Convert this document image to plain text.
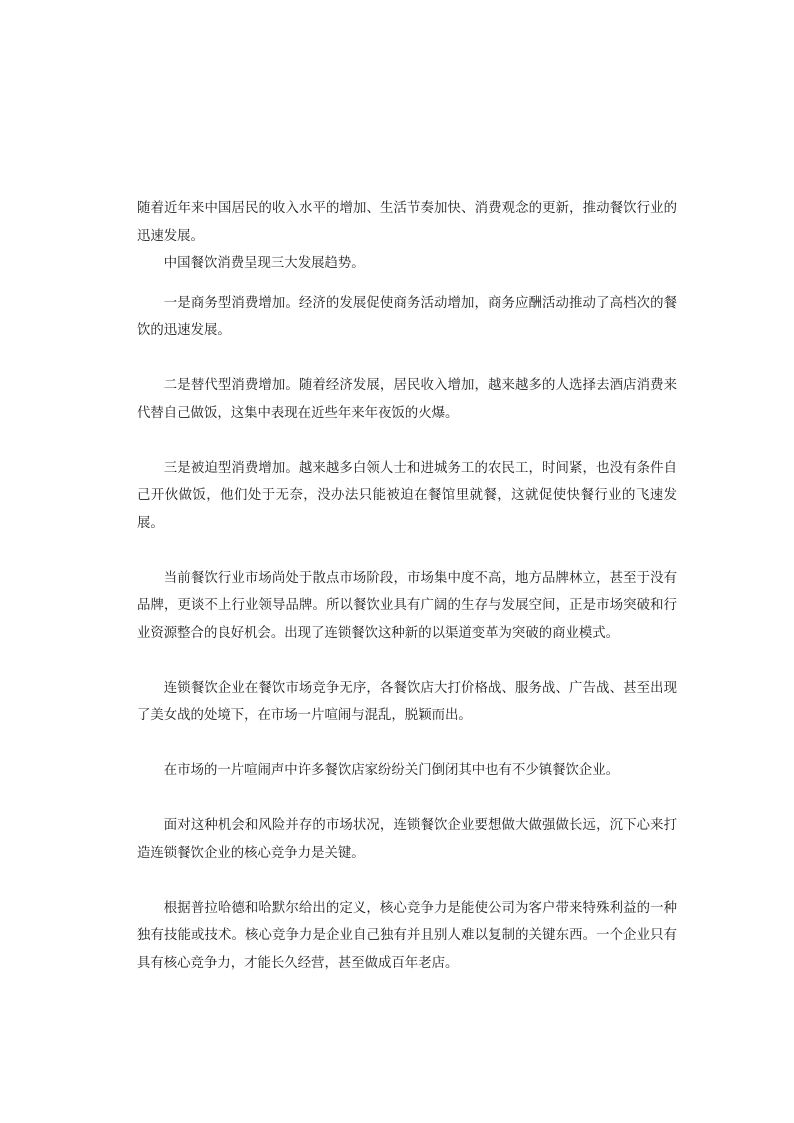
随着近年来中国居民的收入水平的增加、生活节奏加快、消费观念的更新，推动餐饮行业的迅速发展。

中国餐饮消费呈现三大发展趋势。

一是商务型消费增加。经济的发展促使商务活动增加，商务应酬活动推动了高档次的餐饮的迅速发展。

二是替代型消费增加。随着经济发展，居民收入增加，越来越多的人选择去酒店消费来代替自己做饭，这集中表现在近些年来年夜饭的火爆。

三是被迫型消费增加。越来越多白领人士和进城务工的农民工，时间紧，也没有条件自己开伙做饭，他们处于无奈，没办法只能被迫在餐馆里就餐，这就促使快餐行业的飞速发展。

当前餐饮行业市场尚处于散点市场阶段，市场集中度不高，地方品牌林立，甚至于没有品牌，更谈不上行业领导品牌。所以餐饮业具有广阔的生存与发展空间，正是市场突破和行业资源整合的良好机会。出现了连锁餐饮这种新的以渠道变革为突破的商业模式。

连锁餐饮企业在餐饮市场竞争无序，各餐饮店大打价格战、服务战、广告战、甚至出现了美女战的处境下，在市场一片喧闹与混乱，脱颖而出。

在市场的一片喧闹声中许多餐饮店家纷纷关门倒闭其中也有不少镇餐饮企业。

面对这种机会和风险并存的市场状况，连锁餐饮企业要想做大做强做长远，沉下心来打造连锁餐饮企业的核心竞争力是关键。

根据普拉哈德和哈默尔给出的定义，核心竞争力是能使公司为客户带来特殊利益的一种独有技能或技术。核心竞争力是企业自己独有并且别人难以复制的关键东西。一个企业只有具有核心竞争力，才能长久经营，甚至做成百年老店。
